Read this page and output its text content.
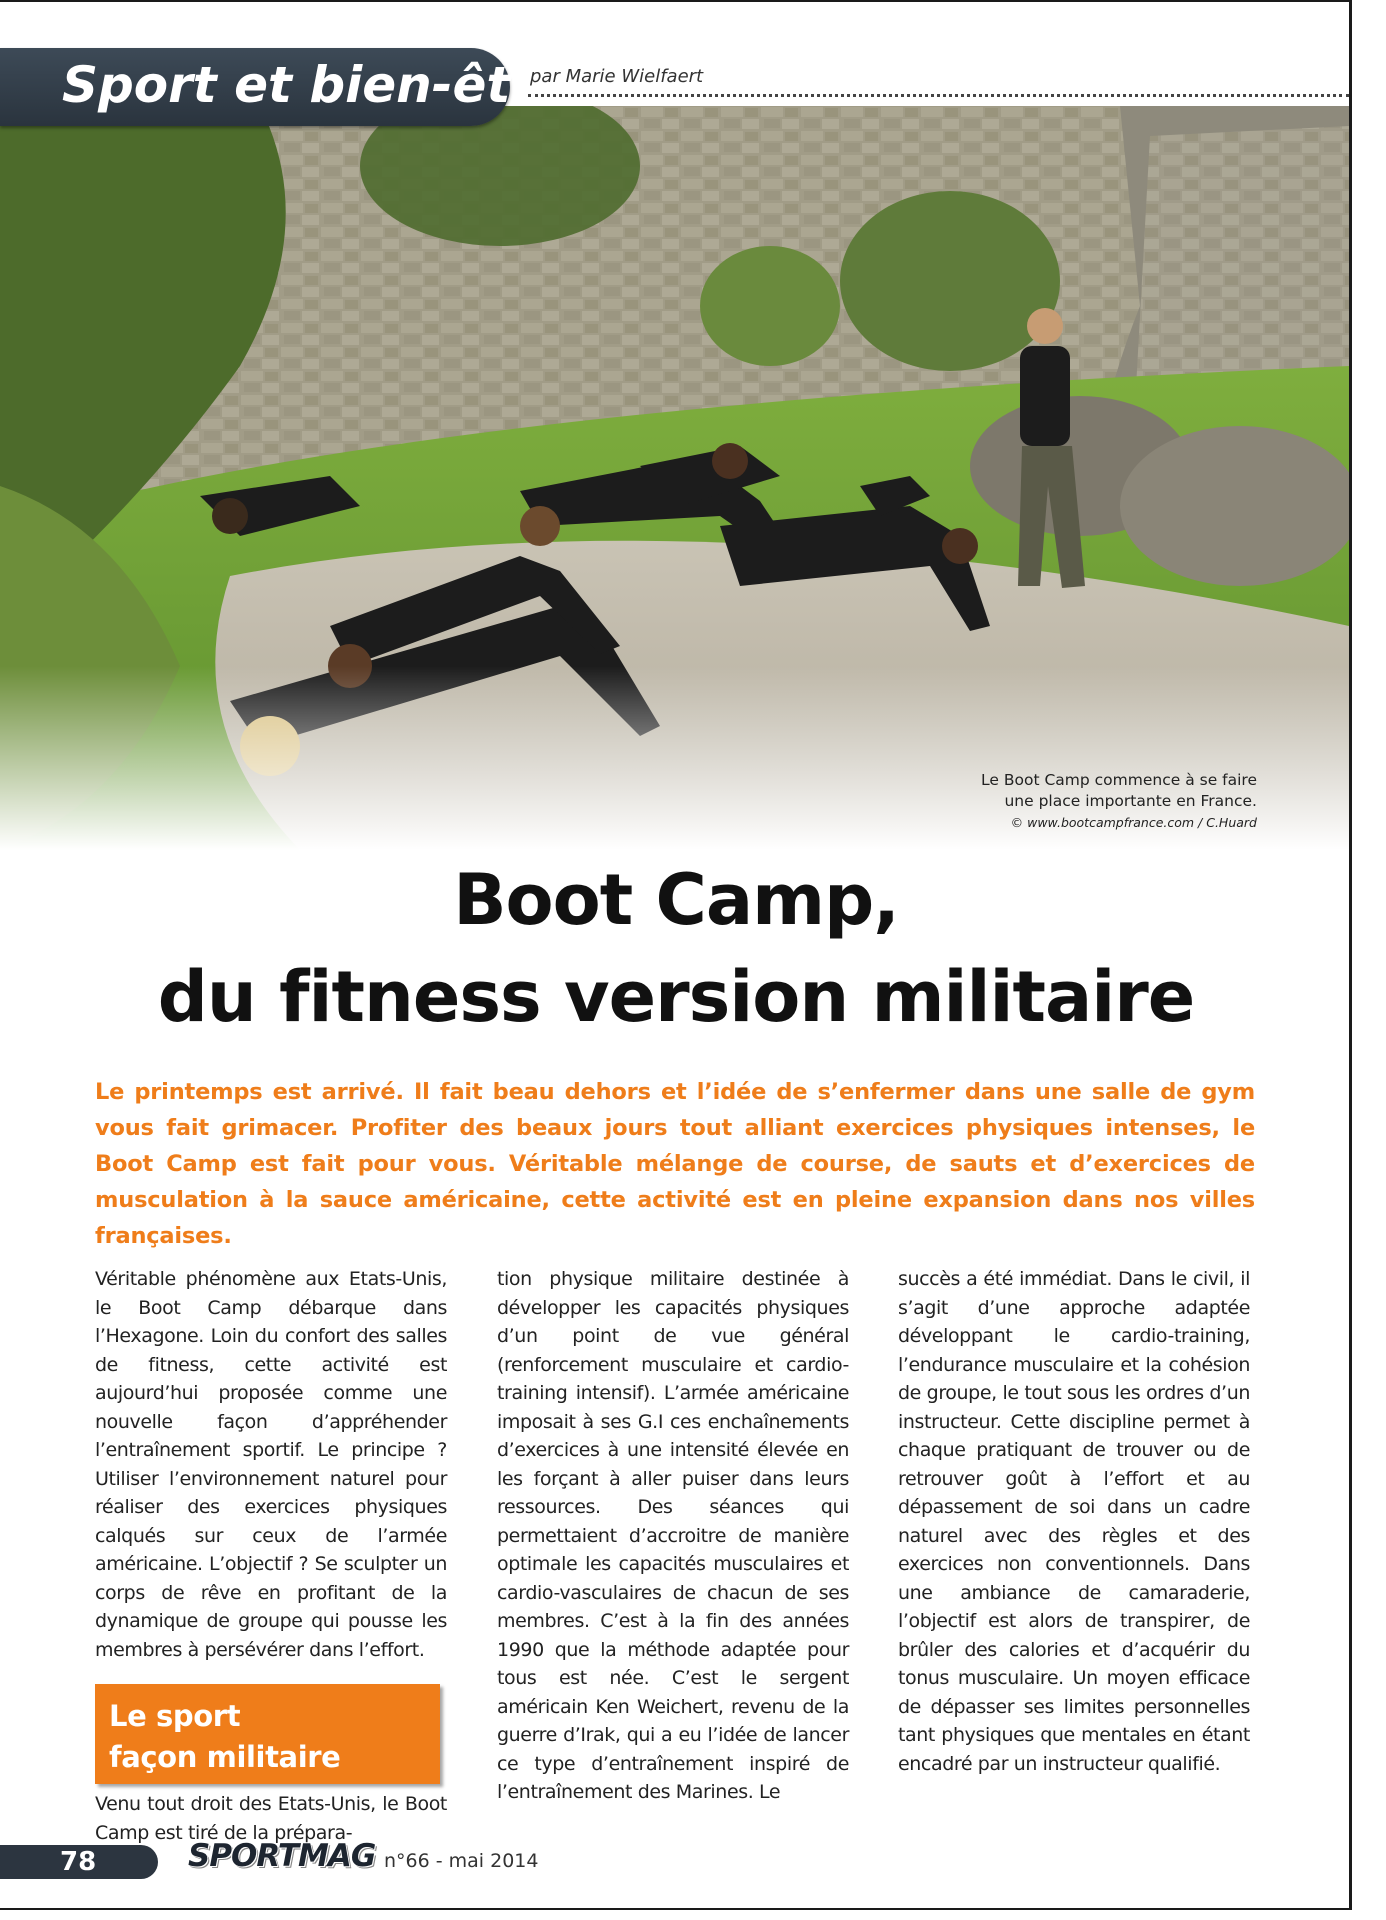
Sport et bien-être
par Marie Wielfaert
Le Boot Camp commence à se faire
une place importante en France.
© www.bootcampfrance.com / C.Huard
Boot Camp,
du fitness version militaire
Le printemps est arrivé. Il fait beau dehors et l’idée de s’enfermer dans une salle de gym vous fait grimacer. Profiter des beaux jours tout alliant exercices physiques intenses, le Boot Camp est fait pour vous. Véritable mélange de course, de sauts et d’exercices de musculation à la sauce américaine, cette activité est en pleine expansion dans nos villes françaises.

Véritable phénomène aux Etats-Unis, le Boot Camp débarque dans l’Hexagone. Loin du confort des salles de fitness, cette activité est aujourd’hui proposée comme une nouvelle façon d’appréhender l’entraînement sportif. Le principe ? Utiliser l’environnement naturel pour réaliser des exercices physiques calqués sur ceux de l’armée américaine. L’objectif ? Se sculpter un corps de rêve en profitant de la dynamique de groupe qui pousse les membres à persévérer dans l’effort.

Le sport
façon militaire

Venu tout droit des Etats-Unis, le Boot Camp est tiré de la prépara-

tion physique militaire destinée à développer les capacités physiques d’un point de vue général (renforcement musculaire et cardio-training intensif). L’armée américaine imposait à ses G.I ces enchaînements d’exercices à une intensité élevée en les forçant à aller puiser dans leurs ressources. Des séances qui permettaient d’accroitre de manière optimale les capacités musculaires et cardio-vasculaires de chacun de ses membres. C’est à la fin des années 1990 que la méthode adaptée pour tous est née. C’est le sergent américain Ken Weichert, revenu de la guerre d’Irak, qui a eu l’idée de lancer ce type d’entraînement inspiré de l’entraînement des Marines. Le

succès a été immédiat. Dans le civil, il s’agit d’une approche adaptée développant le cardio-training, l’endurance musculaire et la cohésion de groupe, le tout sous les ordres d’un instructeur. Cette discipline permet à chaque pratiquant de trouver ou de retrouver goût à l’effort et au dépassement de soi dans un cadre naturel avec des règles et des exercices non conventionnels. Dans une ambiance de camaraderie, l’objectif est alors de transpirer, de brûler des calories et d’acquérir du tonus musculaire. Un moyen efficace de dépasser ses limites personnelles tant physiques que mentales en étant encadré par un instructeur qualifié.

78	SPORTMAG n°66 - mai 2014
